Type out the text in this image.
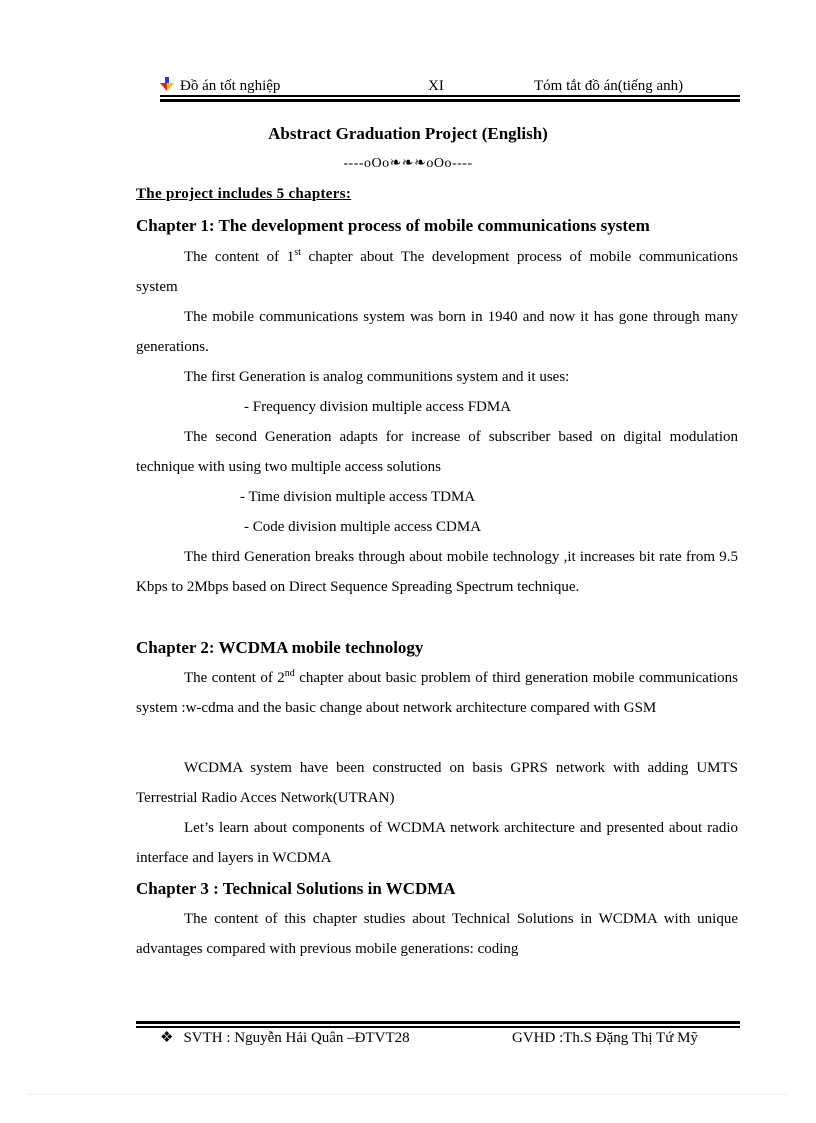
Đồ án tốt nghiệp	XI	Tóm tắt đồ án(tiếng anh)
Abstract Graduation Project (English)
----oOo❧❧❧oOo----
The project includes 5 chapters:
Chapter 1: The development process of mobile communications system

The content of 1st chapter about The development process of mobile communications system

The mobile communications system was born in 1940 and now it has gone through many generations.

The first Generation is analog communitions system and it uses:

- Frequency division multiple access FDMA

The second Generation adapts for increase of subscriber based on digital modulation technique with using two multiple access solutions

- Time division multiple access TDMA
- Code division multiple access CDMA

The third Generation breaks through about mobile technology ,it increases bit rate from 9.5 Kbps to 2Mbps based on Direct Sequence Spreading Spectrum technique.

Chapter 2: WCDMA mobile technology

The content of 2nd chapter about basic problem of third generation mobile communications system :w-cdma and the basic change about network architecture compared with GSM

WCDMA system have been constructed on basis GPRS network with adding UMTS Terrestrial Radio Acces Network(UTRAN)

Let’s learn about components of WCDMA network architecture and presented about radio interface and layers in WCDMA

Chapter 3 : Technical Solutions in WCDMA

The content of this chapter studies about Technical Solutions in WCDMA with unique advantages compared with previous mobile generations: coding

❖ SVTH : Nguyễn Hải Quân –ĐTVT28	GVHD :Th.S Đặng Thị Tứ Mỹ
